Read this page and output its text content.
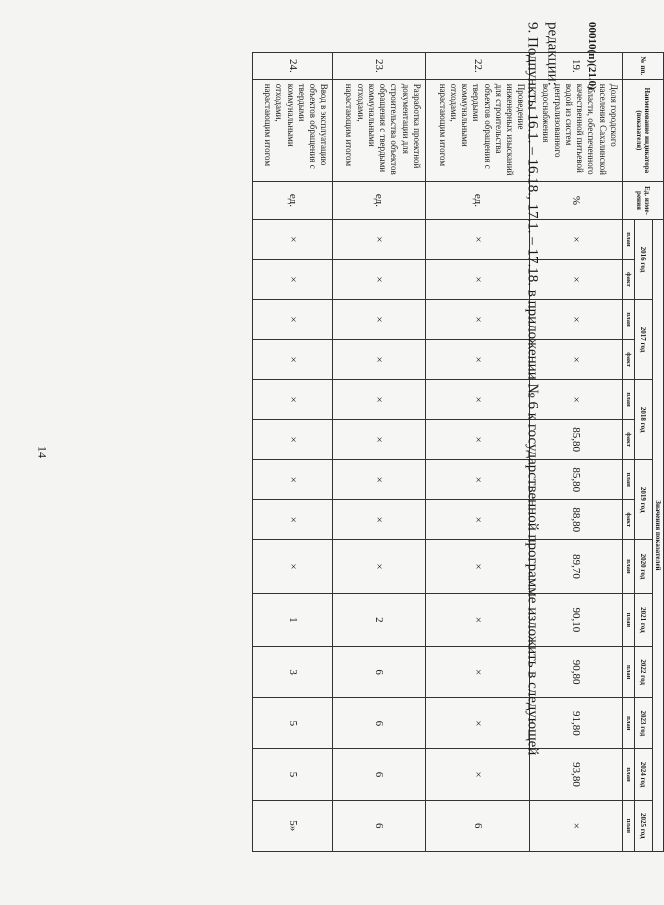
14
№ пп.	Наименование индикатора (показателя)	Ед. изме-рения	Значения показателей													
			2016 год		2017 год		2018 год		2019 год		2020 год	2021 год	2022 год	2023 год	2024 год	2025 год
			план	факт	план	факт	план	факт	план	факт	план	план	план	план	план	план
19.	Доля городского населения Сахалинской области, обеспеченного качественной питьевой водой из систем централизованного водоснабжения	%	×	×	×	×	×	85,80	85,80	88,80	89,70	90,10	90,80	91,80	93,80	×
22.	Проведение инженерных изысканий для строительства объектов обращения с твердыми коммунальными отходами, нарастающим итогом	ед.	×	×	×	×	×	×	×	×	×	×	×	×	×	6
23.	Разработка проектной документации для строительства объектов обращения с твердыми коммунальными отходами, нарастающим итогом	ед.	×	×	×	×	×	×	×	×	×	2	6	6	6	6
24.	Ввод в эксплуатацию объектов обращения с твердыми коммунальными отходами, нарастающим итогом	ед.	×	×	×	×	×	×	×	×	×	1	3	5	5	5»
9. Подпункты 16.1. – 16.18., 17.1. – 17.18. в приложении № 6 к государственной программе изложить в следующей редакции: 00010(п)(21.0)
